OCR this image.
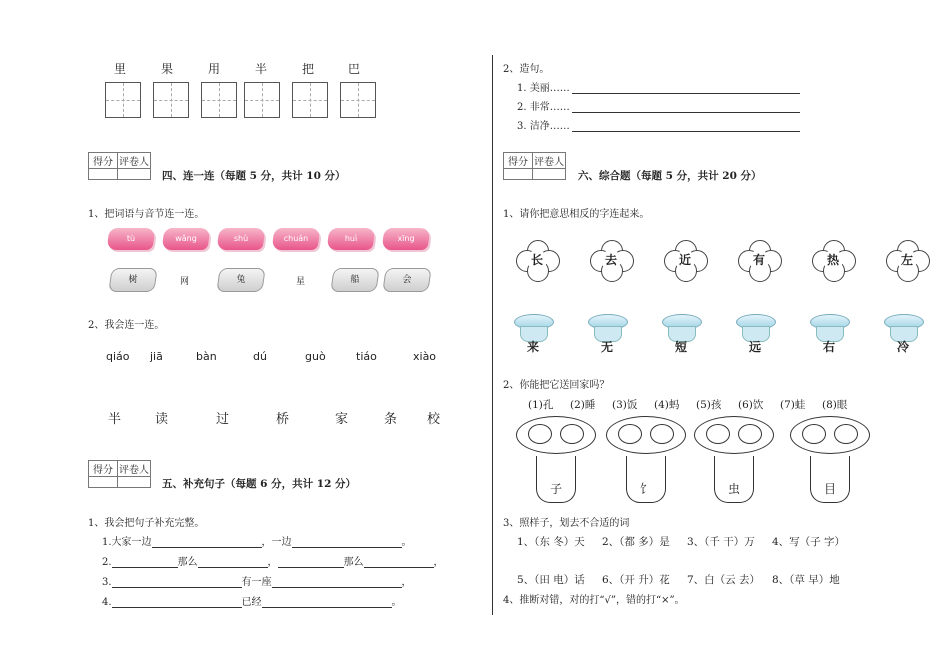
里	果	用	半	把	巴
得分	评卷人

四、连一连（每题 5 分，共计 10 分）
1、把词语与音节连一连。
tù	wǎng	shù	chuán	huì	xīng
树	网	兔	星	船	会
2、我会连一连。
qiáo jiā	bàn	dú	guò	tiáo	xiào
半	读	过	桥	家	条 校
得分	评卷人

五、补充句子（每题 6 分，共计 12 分）
1、我会把句子补充完整。
1.大家一边	，一边	。
2.	那么	，	那么	，
3.	有一座	，
4.	已经	。
2、造句。
1. 美丽……
2. 非常……
3. 洁净……
得分	评卷人

六、综合题（每题 5 分，共计 20 分）
1、请你把意思相反的字连起来。
长	去	近	有	热	左
来	无	短	远	右	冷
2、你能把它送回家吗？
(1)孔 (2)睡 (3)饭 (4)蚂 (5)孩 (6)饮 (7)蛙 (8)眼
子	饣	虫	目
3、照样子，划去不合适的词
1、（东 冬）天 2、（都 多）是 3、（千 干）万 4、写（子 字）
5、（田 电）话 6、（开 升）花 7、白（云 去） 8、（草 早）地
4、推断对错，对的打“√”，错的打“×”。
